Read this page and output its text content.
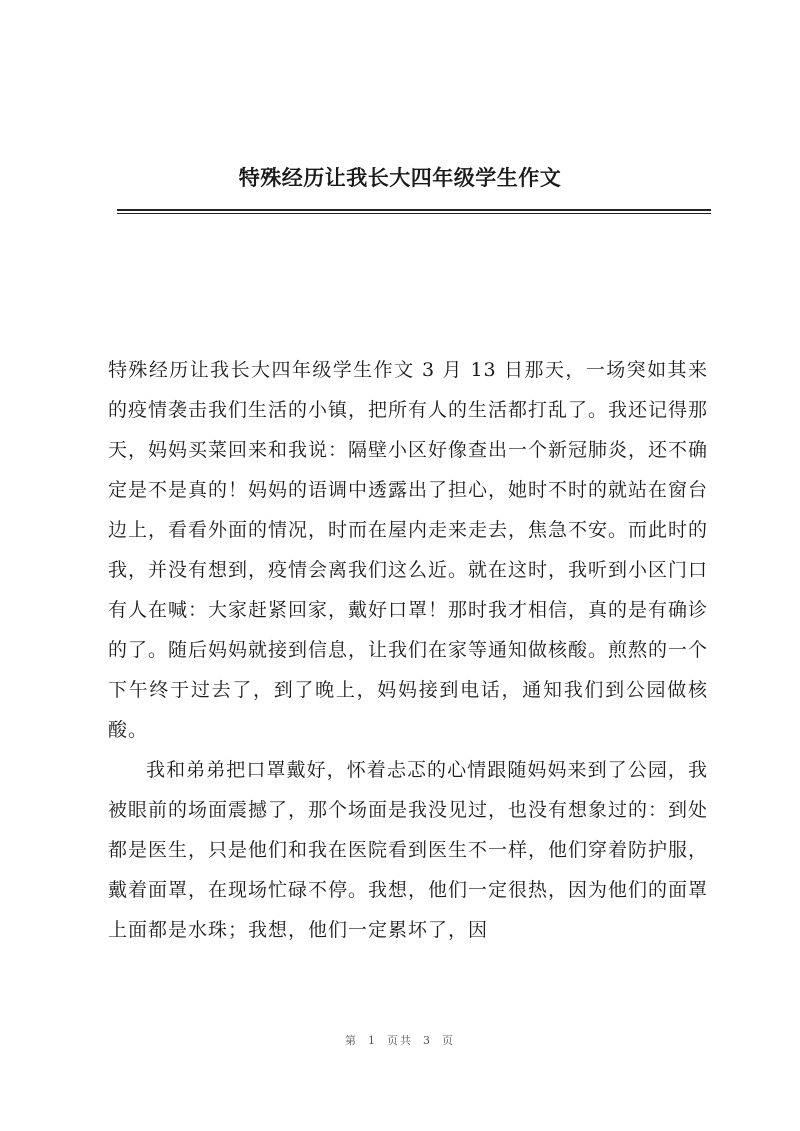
特殊经历让我长大四年级学生作文

特殊经历让我长大四年级学生作文 3 月 13 日那天，一场突如其来的疫情袭击我们生活的小镇，把所有人的生活都打乱了。我还记得那天，妈妈买菜回来和我说：隔壁小区好像查出一个新冠肺炎，还不确定是不是真的！妈妈的语调中透露出了担心，她时不时的就站在窗台边上，看看外面的情况，时而在屋内走来走去，焦急不安。而此时的我，并没有想到，疫情会离我们这么近。就在这时，我听到小区门口有人在喊：大家赶紧回家，戴好口罩！那时我才相信，真的是有确诊的了。随后妈妈就接到信息，让我们在家等通知做核酸。煎熬的一个下午终于过去了，到了晚上，妈妈接到电话，通知我们到公园做核酸。

我和弟弟把口罩戴好，怀着忐忑的心情跟随妈妈来到了公园，我被眼前的场面震撼了，那个场面是我没见过，也没有想象过的：到处都是医生，只是他们和我在医院看到医生不一样，他们穿着防护服，戴着面罩，在现场忙碌不停。我想，他们一定很热，因为他们的面罩上面都是水珠；我想，他们一定累坏了，因

第 1 页共 3 页
